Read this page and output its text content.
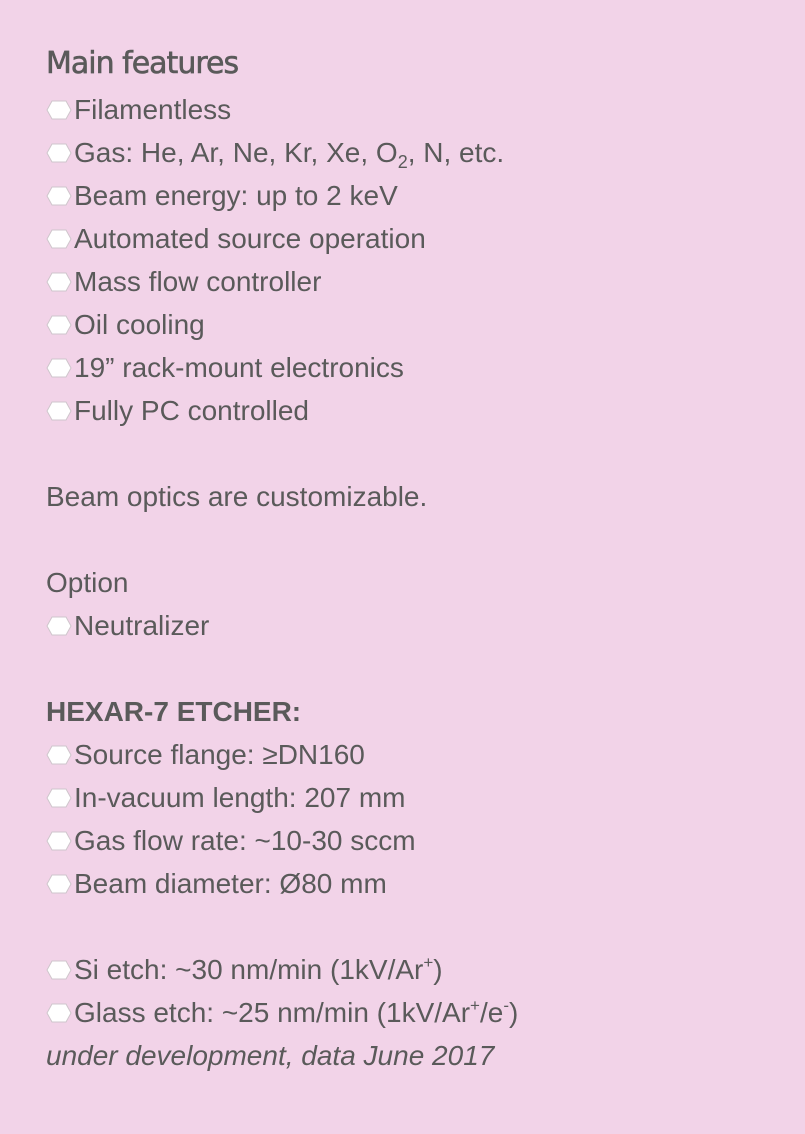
Main features
Filamentless
Gas: He, Ar, Ne, Kr, Xe, $O_2$, N, etc.
Beam energy: up to 2 keV
Automated source operation
Mass flow controller
Oil cooling
19” rack-mount electronics
Fully PC controlled
Beam optics are customizable.
Option
Neutralizer
HEXAR-7 ETCHER:
Source flange: ≥DN160
In-vacuum length: 207 mm
Gas flow rate: ~10-30 sccm
Beam diameter: Ø80 mm
Si etch: ~30 nm/min (1kV/Ar+)
Glass etch: ~25 nm/min (1kV/Ar+/e-)
under development, data June 2017
